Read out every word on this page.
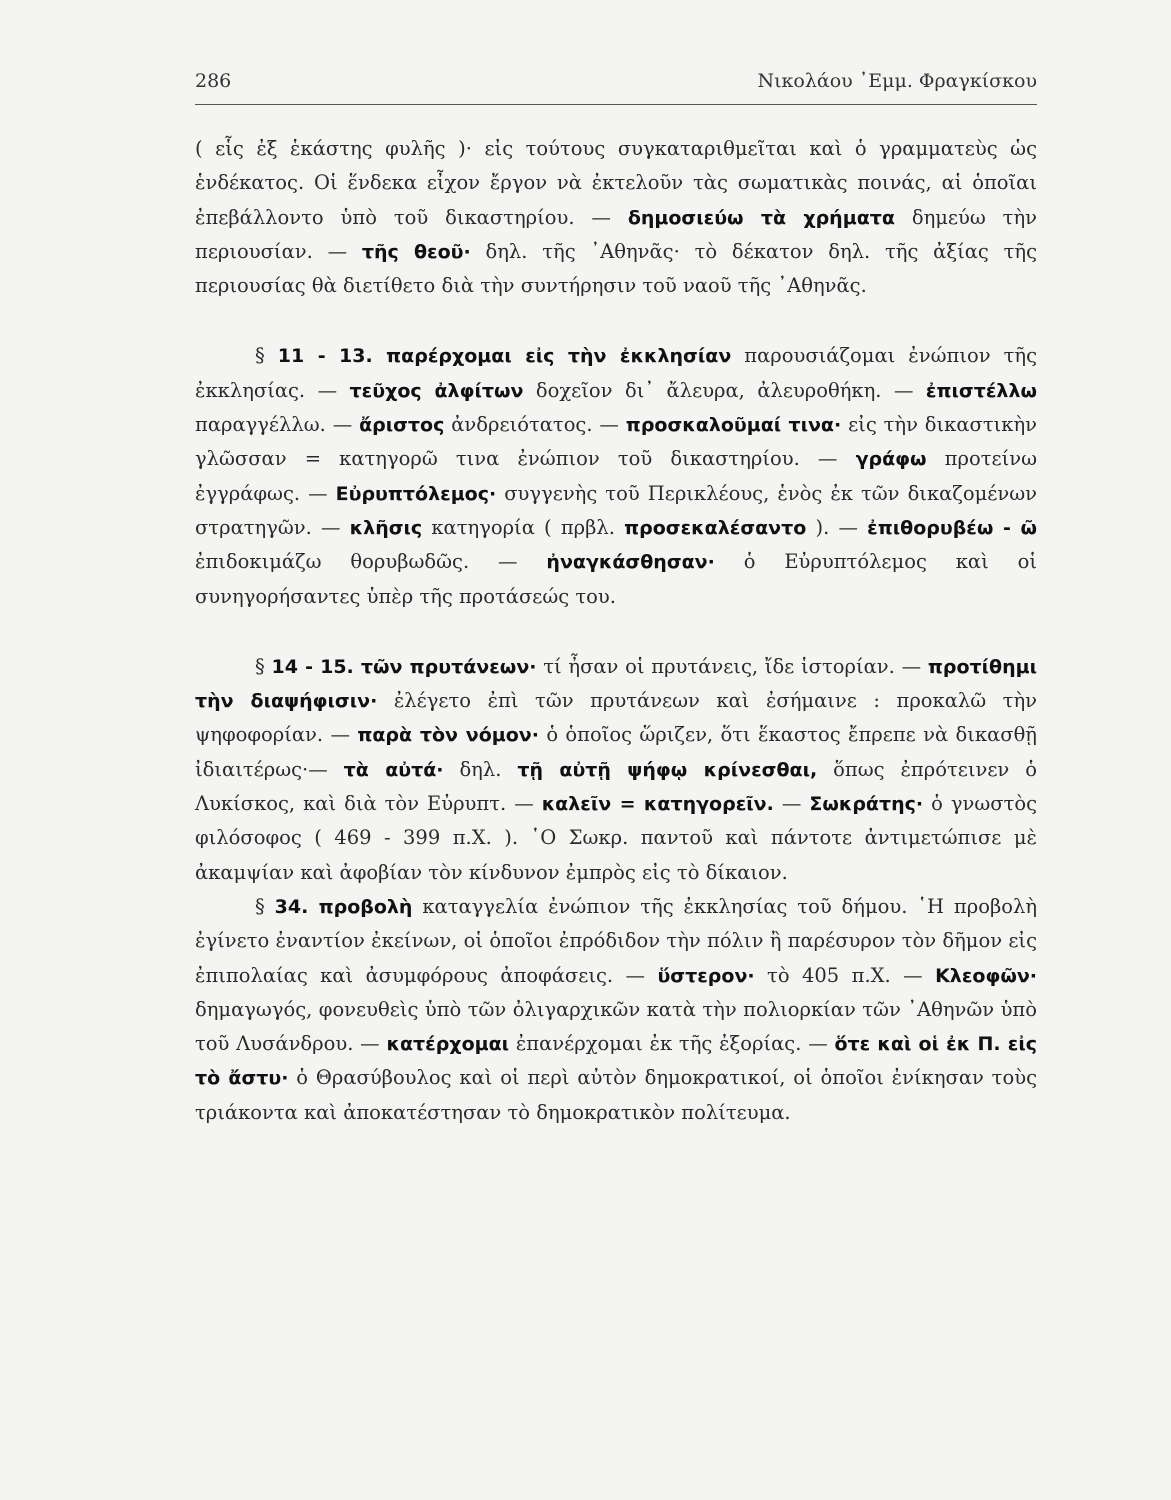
286	Νικολάου ᾽Εμμ. Φραγκίσκου

( εἷς ἐξ ἑκάστης φυλῆς )· εἰς τούτους συγκαταριθμεῖται καὶ ὁ γραμματεὺς ὡς ἑνδέκατος. Οἱ ἕνδεκα εἶχον ἔργον νὰ ἐκτελοῦν τὰς σωματικὰς ποινάς, αἱ ὁποῖαι ἐπεβάλλοντο ὑπὸ τοῦ δικαστηρίου. — δημοσιεύω τὰ χρήματα δημεύω τὴν περιουσίαν. — τῆς θεοῦ· δηλ. τῆς ᾽Αθηνᾶς· τὸ δέκατον δηλ. τῆς ἀξίας τῆς περιουσίας θὰ διετίθετο διὰ τὴν συντήρησιν τοῦ ναοῦ τῆς ᾽Αθηνᾶς.

§ 11 - 13. παρέρχομαι εἰς τὴν ἐκκλησίαν παρουσιάζομαι ἐνώπιον τῆς ἐκκλησίας. — τεῦχος ἀλφίτων δοχεῖον δι᾽ ἄλευρα, ἀλευροθήκη. — ἐπιστέλλω παραγγέλλω. — ἄριστος ἀνδρειότατος. — προσκαλοῦμαί τινα· εἰς τὴν δικαστικὴν γλῶσσαν = κατηγορῶ τινα ἐνώπιον τοῦ δικαστηρίου. — γράφω προτείνω ἐγγράφως. — Εὐρυπτόλεμος· συγγενὴς τοῦ Περικλέους, ἑνὸς ἐκ τῶν δικαζομένων στρατηγῶν. — κλῆσις κατηγορία ( πρβλ. προσεκαλέσαντο ). — ἐπιθορυβέω - ῶ ἐπιδοκιμάζω θορυβωδῶς. — ἠναγκάσθησαν· ὁ Εὐρυπτόλεμος καὶ οἱ συνηγορήσαντες ὑπὲρ τῆς προτάσεώς του.

§ 14 - 15. τῶν πρυτάνεων· τί ἦσαν οἱ πρυτάνεις, ἴδε ἱστορίαν. — προτίθημι τὴν διαψήφισιν· ἐλέγετο ἐπὶ τῶν πρυτάνεων καὶ ἐσήμαινε : προκαλῶ τὴν ψηφοφορίαν. — παρὰ τὸν νόμον· ὁ ὁποῖος ὥριζεν, ὅτι ἕκαστος ἔπρεπε νὰ δικασθῇ ἰδιαιτέρως·— τὰ αὐτά· δηλ. τῇ αὐτῇ ψήφῳ κρίνεσθαι, ὅπως ἐπρότεινεν ὁ Λυκίσκος, καὶ διὰ τὸν Εὐρυπτ. — καλεῖν = κατηγορεῖν. — Σωκράτης· ὁ γνωστὸς φιλόσοφος ( 469 - 399 π.Χ. ). ῾Ο Σωκρ. παντοῦ καὶ πάντοτε ἀντιμετώπισε μὲ ἀκαμψίαν καὶ ἀφοβίαν τὸν κίνδυνον ἐμπρὸς εἰς τὸ δίκαιον.

§ 34. προβολὴ καταγγελία ἐνώπιον τῆς ἐκκλησίας τοῦ δήμου. ῾Η προβολὴ ἐγίνετο ἐναντίον ἐκείνων, οἱ ὁποῖοι ἐπρόδιδον τὴν πόλιν ἢ παρέσυρον τὸν δῆμον εἰς ἐπιπολαίας καὶ ἀσυμφόρους ἀποφάσεις. — ὕστερον· τὸ 405 π.Χ. — Κλεοφῶν· δημαγωγός, φονευθεὶς ὑπὸ τῶν ὀλιγαρχικῶν κατὰ τὴν πολιορκίαν τῶν ᾽Αθηνῶν ὑπὸ τοῦ Λυσάνδρου. — κατέρχομαι ἐπανέρχομαι ἐκ τῆς ἐξορίας. — ὅτε καὶ οἱ ἐκ Π. εἰς τὸ ἄστυ· ὁ Θρασύβουλος καὶ οἱ περὶ αὐτὸν δημοκρατικοί, οἱ ὁποῖοι ἐνίκησαν τοὺς τριάκοντα καὶ ἀποκατέστησαν τὸ δημοκρατικὸν πολίτευμα.
